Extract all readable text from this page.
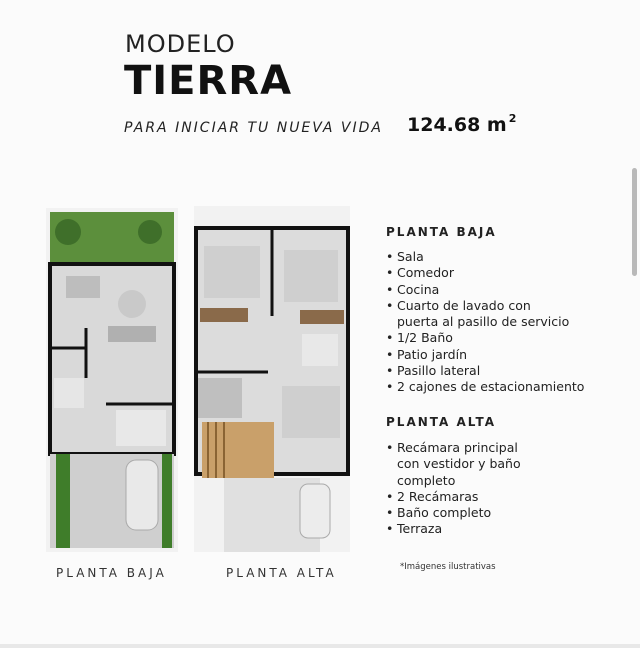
MODELO
TIERRA
PARA INICIAR TU NUEVA VIDA 124.68 m $^2$
PLANTA BAJA	PLANTA ALTA
PLANTA BAJA
• Sala
• Comedor
• Cocina
• Cuarto de lavado con
puerta al pasillo de servicio
• 1/2 Baño
• Patio jardín
• Pasillo lateral
• 2 cajones de estacionamiento
PLANTA ALTA
• Recámara principal
con vestidor y baño
completo
• 2 Recámaras
• Baño completo
• Terraza
*Imágenes ilustrativas
